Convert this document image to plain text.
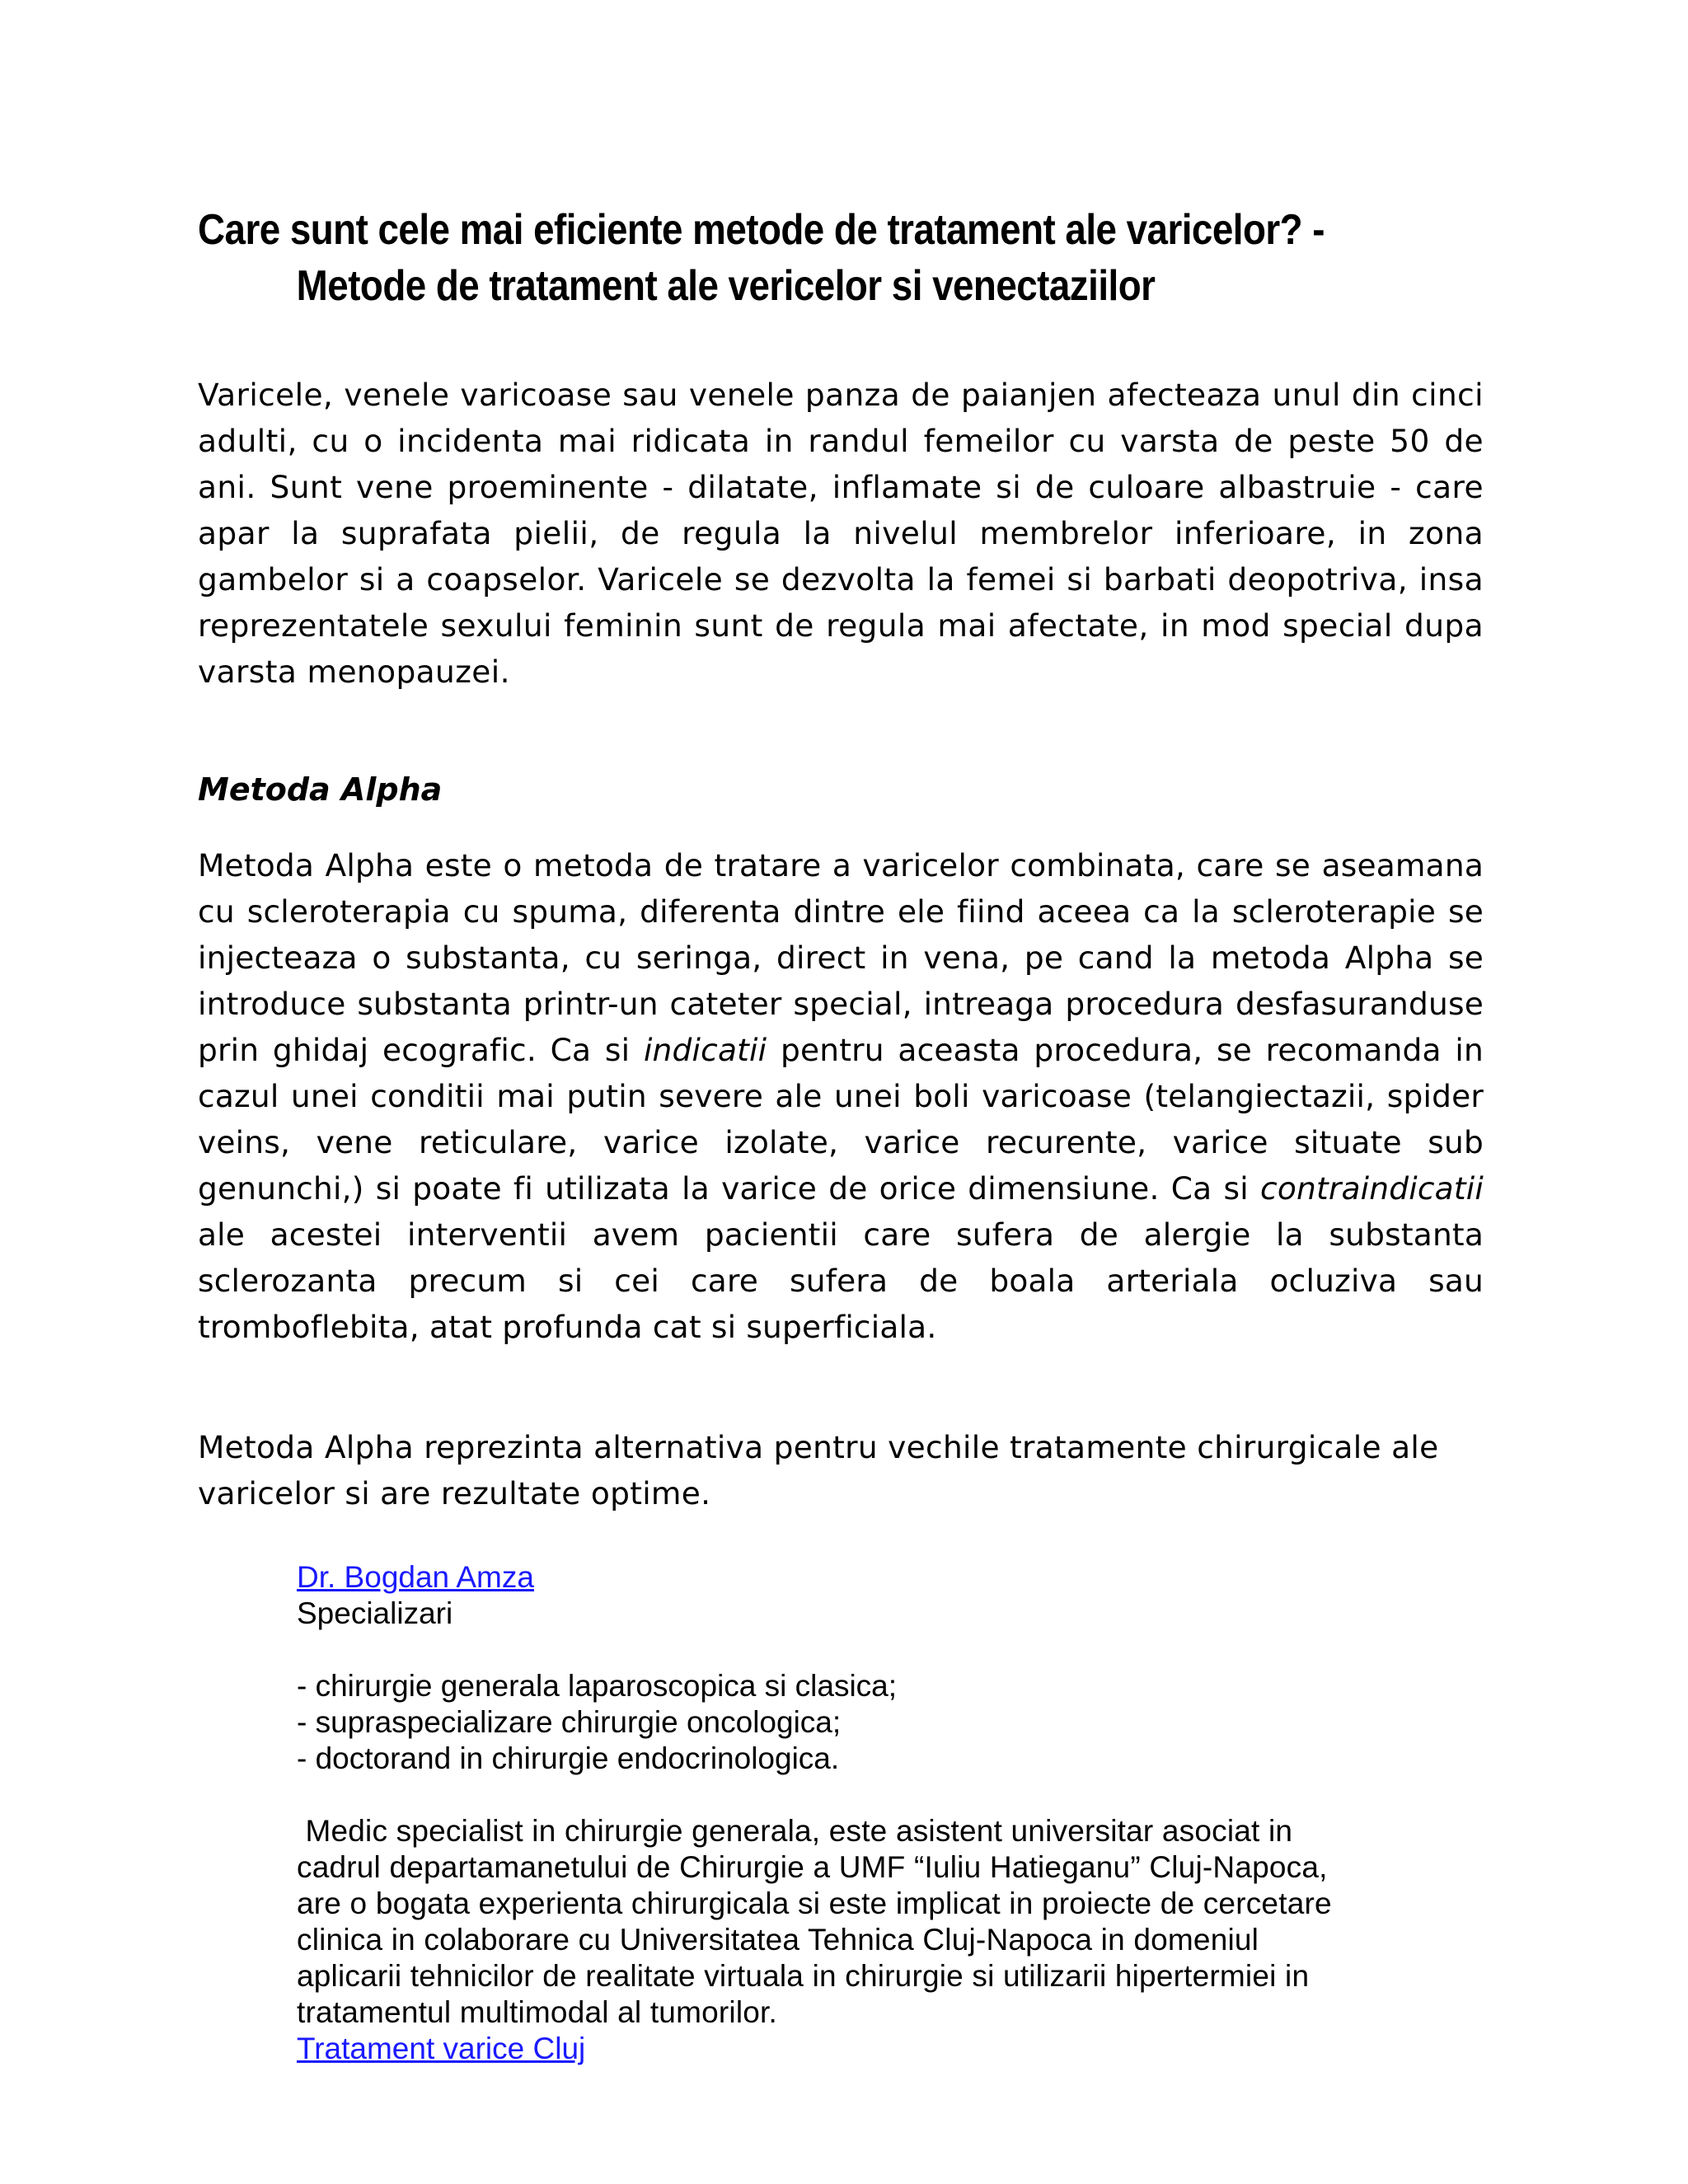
Care sunt cele mai eficiente metode de tratament ale varicelor? -
Metode de tratament ale vericelor si venectaziilor

Varicele, venele varicoase sau venele panza de paianjen afecteaza unul din cinci adulti, cu o incidenta mai ridicata in randul femeilor cu varsta de peste 50 de ani. Sunt vene proeminente - dilatate, inflamate si de culoare albastruie - care apar la suprafata pielii, de regula la nivelul membrelor inferioare, in zona gambelor si a coapselor. Varicele se dezvolta la femei si barbati deopotriva, insa reprezentatele sexului feminin sunt de regula mai afectate, in mod special dupa varsta menopauzei.

Metoda Alpha

Metoda Alpha este o metoda de tratare a varicelor combinata, care se aseamana cu scleroterapia cu spuma, diferenta dintre ele fiind aceea ca la scleroterapie se injecteaza o substanta, cu seringa, direct in vena, pe cand la metoda Alpha se introduce substanta printr-un cateter special, intreaga procedura desfasuranduse prin ghidaj ecografic. Ca si indicatii pentru aceasta procedura, se recomanda in cazul unei conditii mai putin severe ale unei boli varicoase (telangiectazii, spider veins, vene reticulare, varice izolate, varice recurente, varice situate sub genunchi,) si poate fi utilizata la varice de orice dimensiune. Ca si contraindicatii ale acestei interventii avem pacientii care sufera de alergie la substanta sclerozanta precum si cei care sufera de boala arteriala ocluziva sau tromboflebita, atat profunda cat si superficiala.

Metoda Alpha reprezinta alternativa pentru vechile tratamente chirurgicale ale varicelor si are rezultate optime.

Dr. Bogdan Amza
Specializari
- chirurgie generala laparoscopica si clasica;
- supraspecializare chirurgie oncologica;
- doctorand in chirurgie endocrinologica.
Medic specialist in chirurgie generala, este asistent universitar asociat in
cadrul departamanetului de Chirurgie a UMF “Iuliu Hatieganu” Cluj-Napoca,
are o bogata experienta chirurgicala si este implicat in proiecte de cercetare
clinica in colaborare cu Universitatea Tehnica Cluj-Napoca in domeniul
aplicarii tehnicilor de realitate virtuala in chirurgie si utilizarii hipertermiei in
tratamentul multimodal al tumorilor.
Tratament varice Cluj
